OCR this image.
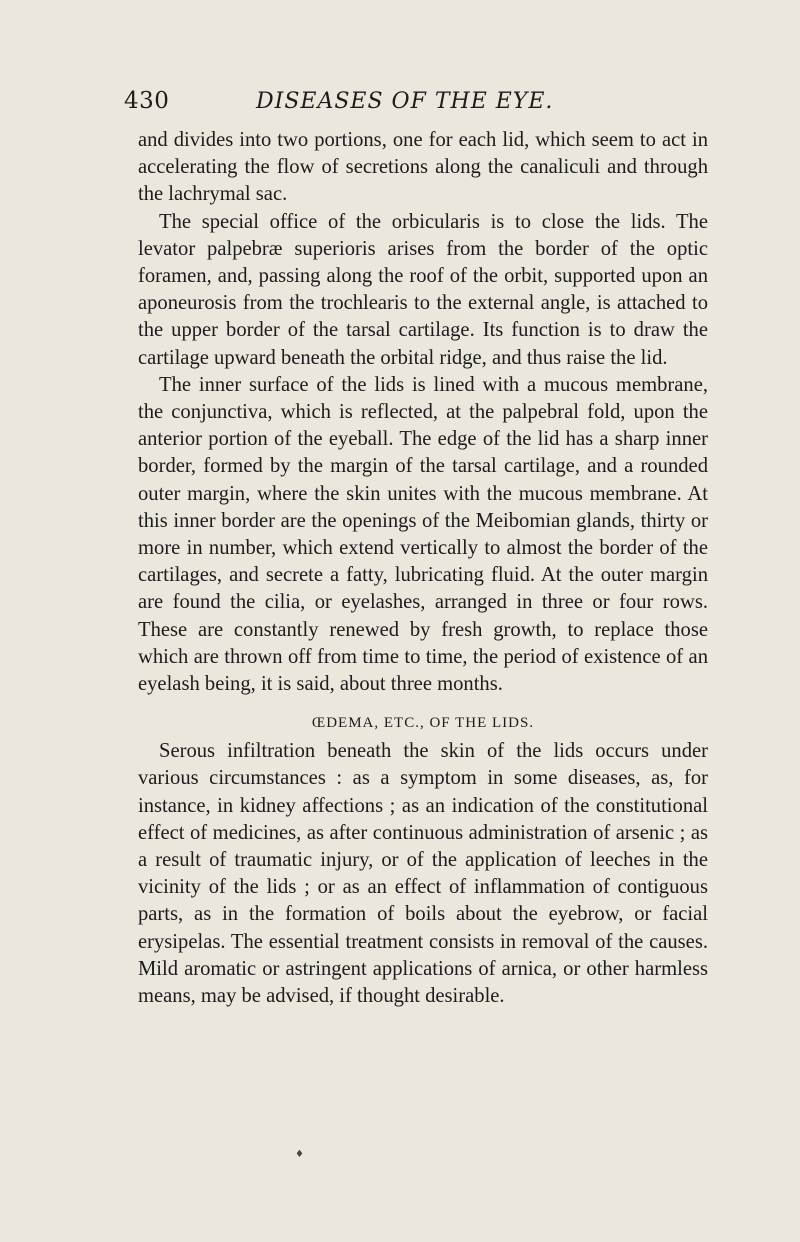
430	DISEASES OF THE EYE.

and divides into two portions, one for each lid, which seem to act in accelerating the flow of secretions along the canaliculi and through the lachrymal sac.

The special office of the orbicularis is to close the lids. The levator palpebræ superioris arises from the border of the optic foramen, and, passing along the roof of the orbit, supported upon an aponeurosis from the trochlearis to the external angle, is attached to the upper border of the tarsal cartilage. Its function is to draw the cartilage upward beneath the orbital ridge, and thus raise the lid.

The inner surface of the lids is lined with a mucous membrane, the conjunctiva, which is reflected, at the palpebral fold, upon the anterior portion of the eyeball. The edge of the lid has a sharp inner border, formed by the margin of the tarsal cartilage, and a rounded outer margin, where the skin unites with the mucous membrane. At this inner border are the openings of the Meibomian glands, thirty or more in number, which extend vertically to almost the border of the cartilages, and secrete a fatty, lubricating fluid. At the outer margin are found the cilia, or eyelashes, arranged in three or four rows. These are constantly renewed by fresh growth, to replace those which are thrown off from time to time, the period of existence of an eyelash being, it is said, about three months.

ŒDEMA, ETC., OF THE LIDS.

Serous infiltration beneath the skin of the lids occurs under various circumstances : as a symptom in some diseases, as, for instance, in kidney affections ; as an indication of the constitutional effect of medicines, as after continuous administration of arsenic ; as a result of traumatic injury, or of the application of leeches in the vicinity of the lids ; or as an effect of inflammation of contiguous parts, as in the formation of boils about the eyebrow, or facial erysipelas. The essential treatment consists in removal of the causes. Mild aromatic or astringent applications of arnica, or other harmless means, may be advised, if thought desirable.

♦
